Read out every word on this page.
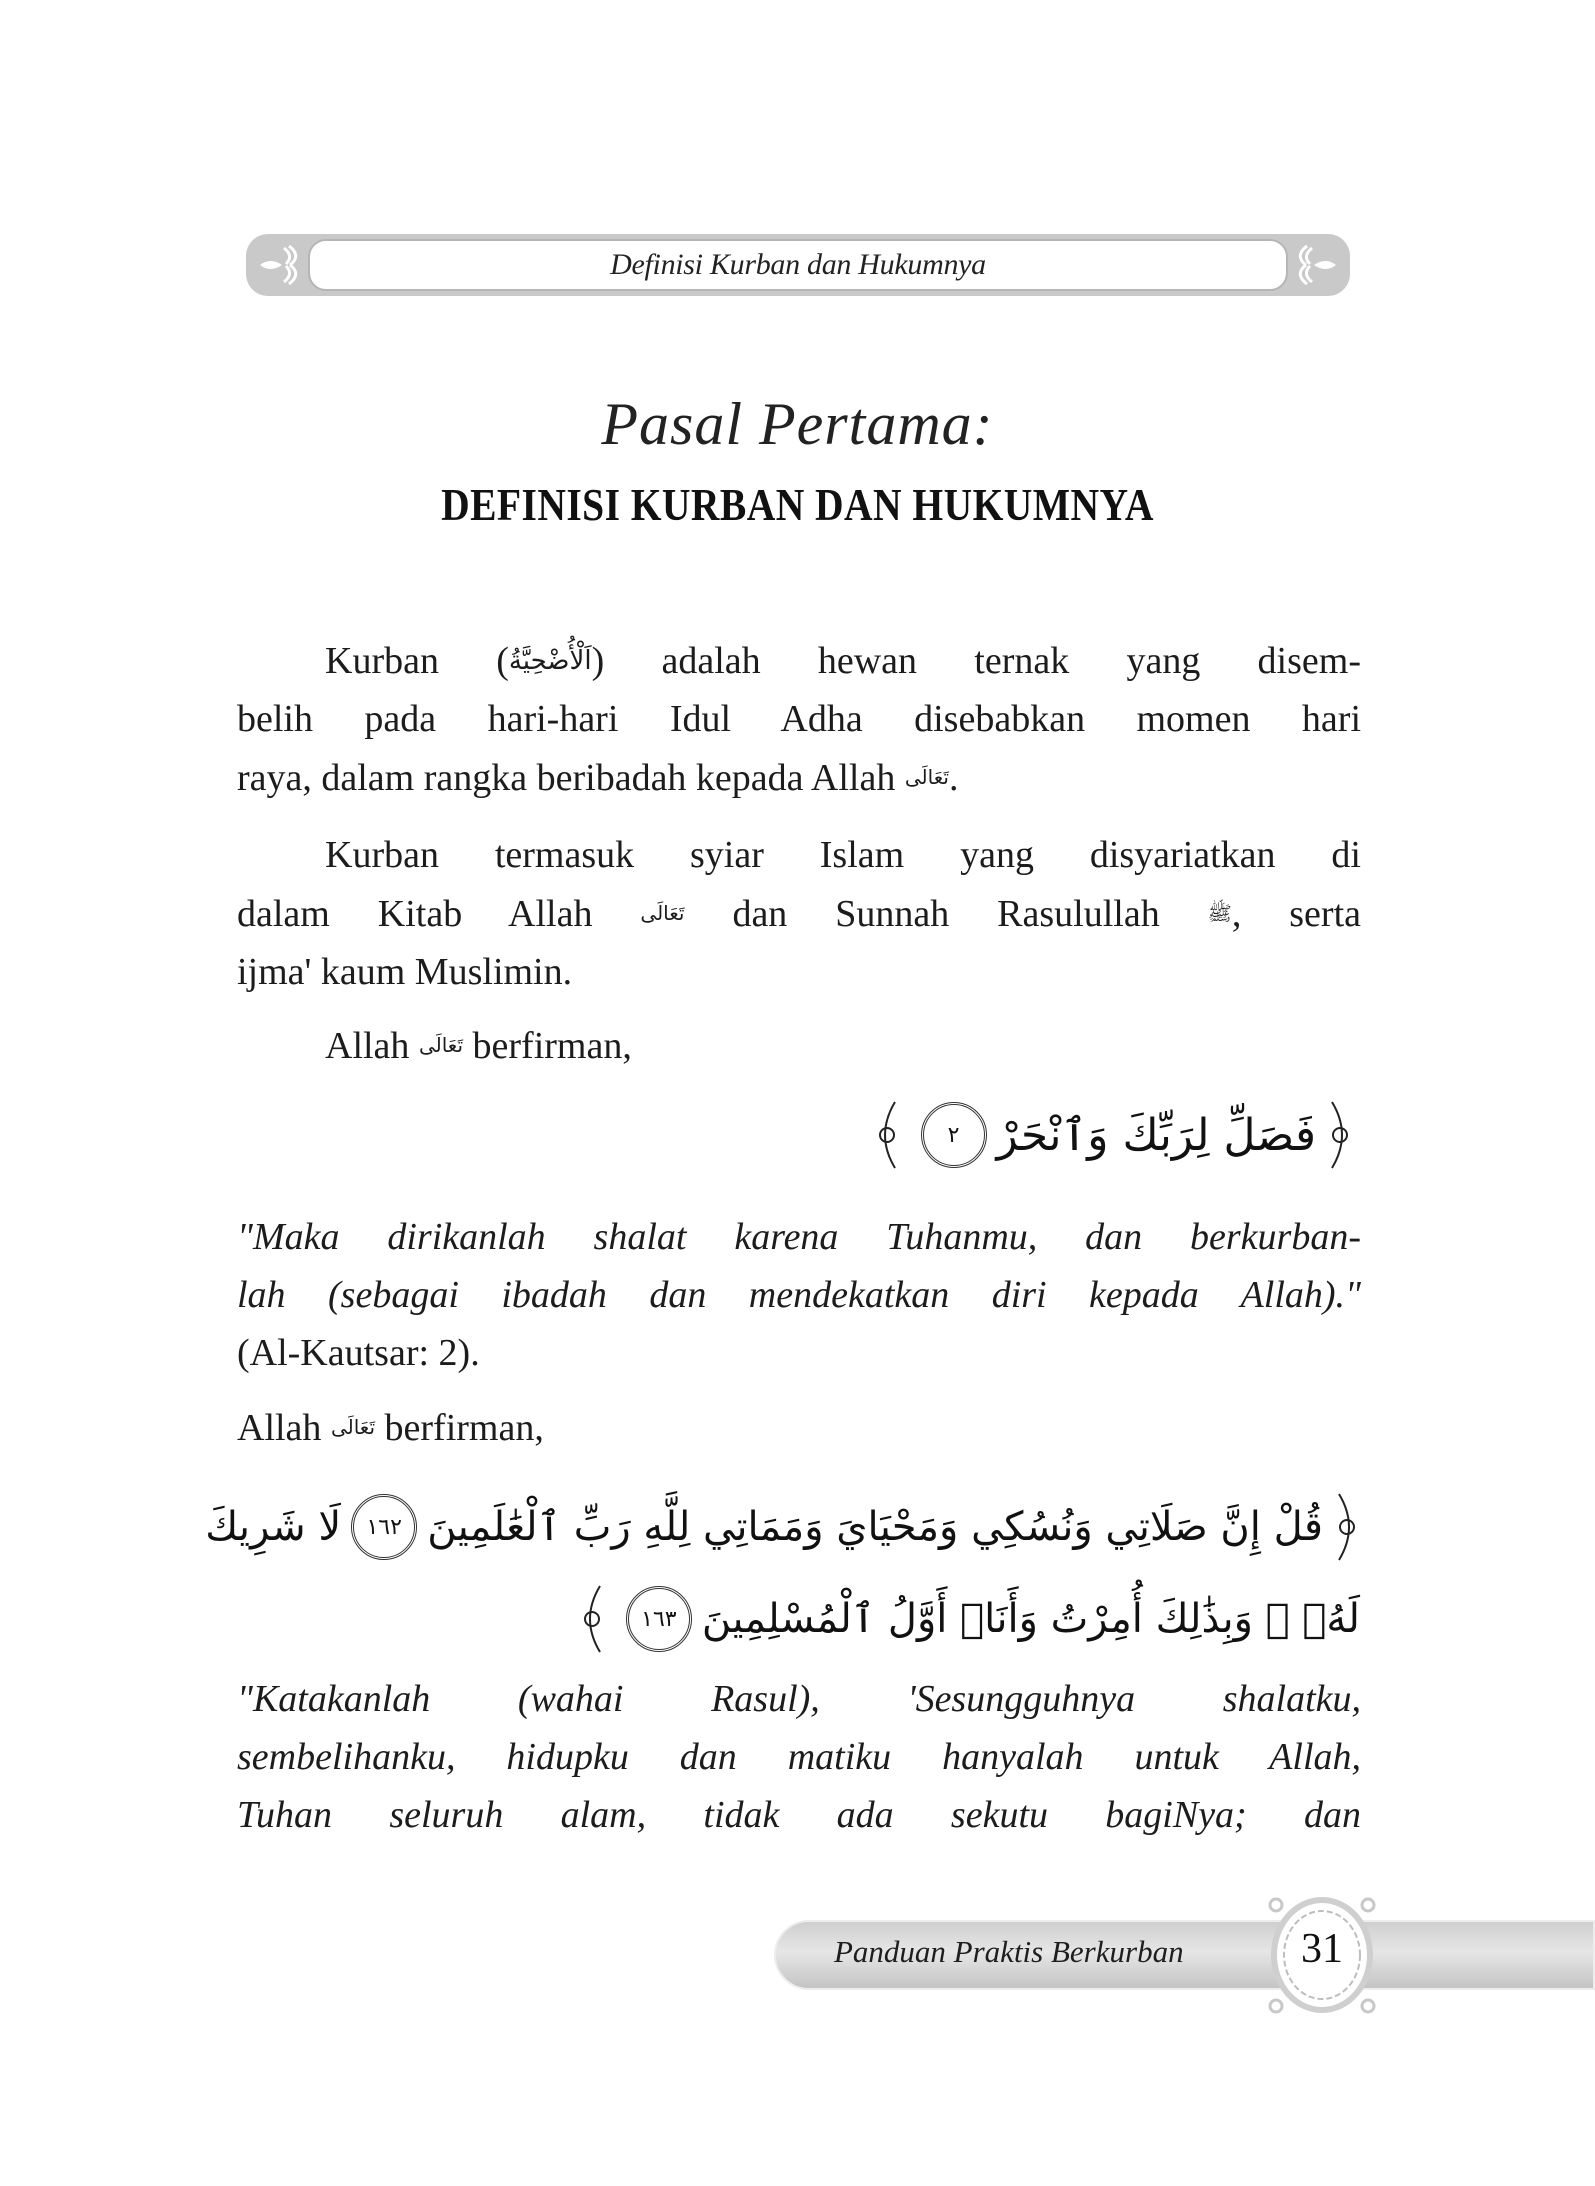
Definisi Kurban dan Hukumnya
Pasal Pertama:
DEFINISI KURBAN DAN HUKUMNYA
Kurban (اَلْأُضْحِيَّةُ) adalah hewan ternak yang disem-
belih pada hari-hari Idul Adha disebabkan momen hari
raya, dalam rangka beribadah kepada Allah تَعَالَى.
Kurban termasuk syiar Islam yang disyariatkan di
dalam Kitab Allah تَعَالَى dan Sunnah Rasulullah ﷺ, serta
ijma' kaum Muslimin.
Allah تَعَالَى berfirman,
فَصَلِّ لِرَبِّكَ وَٱنْحَرْ
٢
"Maka dirikanlah shalat karena Tuhanmu, dan berkurban-
lah (sebagai ibadah dan mendekatkan diri kepada Allah)."
(Al-Kautsar: 2).
Allah تَعَالَى berfirman,
قُلْ إِنَّ صَلَاتِي وَنُسُكِي وَمَحْيَايَ وَمَمَاتِي لِلَّهِ رَبِّ ٱلْعَٰلَمِينَ
١٦٢
لَا شَرِيكَ
لَهُۥ ۖ وَبِذَٰلِكَ أُمِرْتُ وَأَنَا۠ أَوَّلُ ٱلْمُسْلِمِينَ
١٦٣
"Katakanlah (wahai Rasul), 'Sesungguhnya shalatku,
sembelihanku, hidupku dan matiku hanyalah untuk Allah,
Tuhan seluruh alam, tidak ada sekutu bagiNya; dan
Panduan Praktis Berkurban	31
